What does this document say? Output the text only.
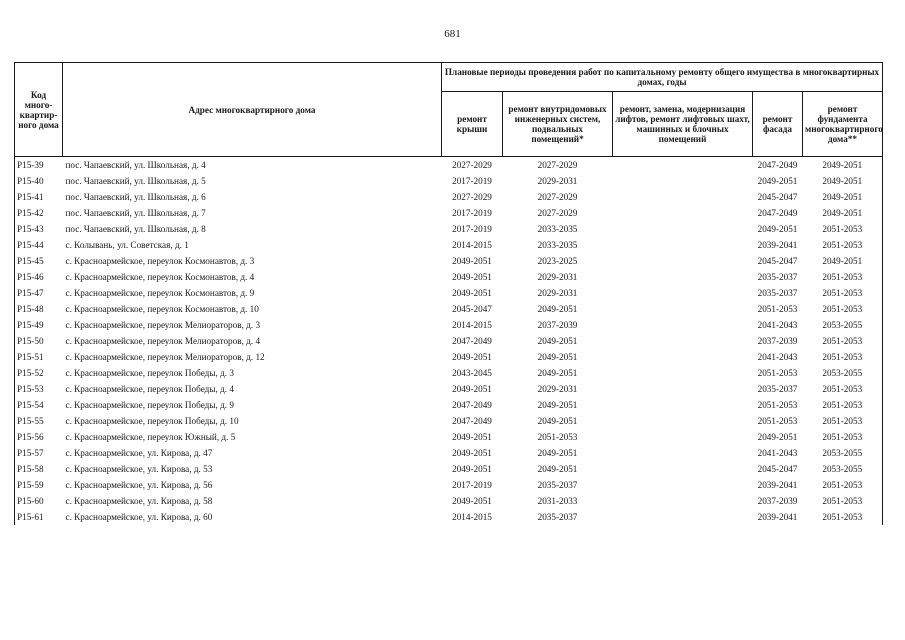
681
Код много-квартир-ного дома	Адрес многоквартирного дома	Плановые периоды проведения работ по капитальному ремонту общего имущества в многоквартирных домах, годы				
		ремонт крыши	ремонт внутридомовых инженерных систем, подвальных помещений*	ремонт, замена, модернизация лифтов, ремонт лифтовых шахт, машинных и блочных помещений	ремонт фасада	ремонт фундамента многоквартирного дома**
P15-39	пос. Чапаевский, ул. Школьная, д. 4	2027-2029	2027-2029		2047-2049	2049-2051
P15-40	пос. Чапаевский, ул. Школьная, д. 5	2017-2019	2029-2031		2049-2051	2049-2051
P15-41	пос. Чапаевский, ул. Школьная, д. 6	2027-2029	2027-2029		2045-2047	2049-2051
P15-42	пос. Чапаевский, ул. Школьная, д. 7	2017-2019	2027-2029		2047-2049	2049-2051
P15-43	пос. Чапаевский, ул. Школьная, д. 8	2017-2019	2033-2035		2049-2051	2051-2053
P15-44	с. Колывань, ул. Советская, д. 1	2014-2015	2033-2035		2039-2041	2051-2053
P15-45	с. Красноармейское, переулок Космонавтов, д. 3	2049-2051	2023-2025		2045-2047	2049-2051
P15-46	с. Красноармейское, переулок Космонавтов, д. 4	2049-2051	2029-2031		2035-2037	2051-2053
P15-47	с. Красноармейское, переулок Космонавтов, д. 9	2049-2051	2029-2031		2035-2037	2051-2053
P15-48	с. Красноармейское, переулок Космонавтов, д. 10	2045-2047	2049-2051		2051-2053	2051-2053
P15-49	с. Красноармейское, переулок Мелиораторов, д. 3	2014-2015	2037-2039		2041-2043	2053-2055
P15-50	с. Красноармейское, переулок Мелиораторов, д. 4	2047-2049	2049-2051		2037-2039	2051-2053
P15-51	с. Красноармейское, переулок Мелиораторов, д. 12	2049-2051	2049-2051		2041-2043	2051-2053
P15-52	с. Красноармейское, переулок Победы, д. 3	2043-2045	2049-2051		2051-2053	2053-2055
P15-53	с. Красноармейское, переулок Победы, д. 4	2049-2051	2029-2031		2035-2037	2051-2053
P15-54	с. Красноармейское, переулок Победы, д. 9	2047-2049	2049-2051		2051-2053	2051-2053
P15-55	с. Красноармейское, переулок Победы, д. 10	2047-2049	2049-2051		2051-2053	2051-2053
P15-56	с. Красноармейское, переулок Южный, д. 5	2049-2051	2051-2053		2049-2051	2051-2053
P15-57	с. Красноармейское, ул. Кирова, д. 47	2049-2051	2049-2051		2041-2043	2053-2055
P15-58	с. Красноармейское, ул. Кирова, д. 53	2049-2051	2049-2051		2045-2047	2053-2055
P15-59	с. Красноармейское, ул. Кирова, д. 56	2017-2019	2035-2037		2039-2041	2051-2053
P15-60	с. Красноармейское, ул. Кирова, д. 58	2049-2051	2031-2033		2037-2039	2051-2053
P15-61	с. Красноармейское, ул. Кирова, д. 60	2014-2015	2035-2037		2039-2041	2051-2053
